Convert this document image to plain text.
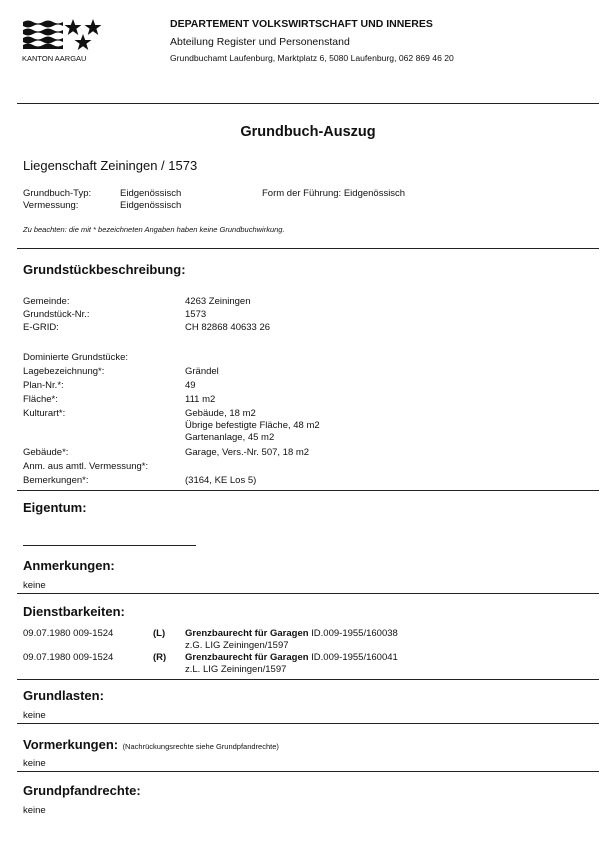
KANTON AARGAU
DEPARTEMENT VOLKSWIRTSCHAFT UND INNERES
Abteilung Register und Personenstand
Grundbuchamt Laufenburg, Marktplatz 6, 5080 Laufenburg, 062 869 46 20
Grundbuch-Auszug
Liegenschaft Zeiningen / 1573
Grundbuch-Typ:	Eidgenössisch	Form der Führung: Eidgenössisch
Vermessung:	Eidgenössisch
Zu beachten: die mit * bezeichneten Angaben haben keine Grundbuchwirkung.
Grundstückbeschreibung:
Gemeinde:	4263 Zeiningen
Grundstück-Nr.:	1573
E-GRID:	CH 82868 40633 26
Dominierte Grundstücke:
Lagebezeichnung*:	Grändel
Plan-Nr.*:	49
Fläche*:	111 m2
Kulturart*:	Gebäude, 18 m2
Übrige befestigte Fläche, 48 m2
Gartenanlage, 45 m2
Gebäude*:	Garage, Vers.-Nr. 507, 18 m2
Anm. aus amtl. Vermessung*:
Bemerkungen*:	(3164, KE Los 5)
Eigentum:
Anmerkungen:
keine
Dienstbarkeiten:
09.07.1980 009-1524	(L) Grenzbaurecht für Garagen ID.009-1955/160038
z.G. LIG Zeiningen/1597
09.07.1980 009-1524	(R) Grenzbaurecht für Garagen ID.009-1955/160041
z.L. LIG Zeiningen/1597
Grundlasten:
keine
Vormerkungen: (Nachrückungsrechte siehe Grundpfandrechte)
keine
Grundpfandrechte:
keine
